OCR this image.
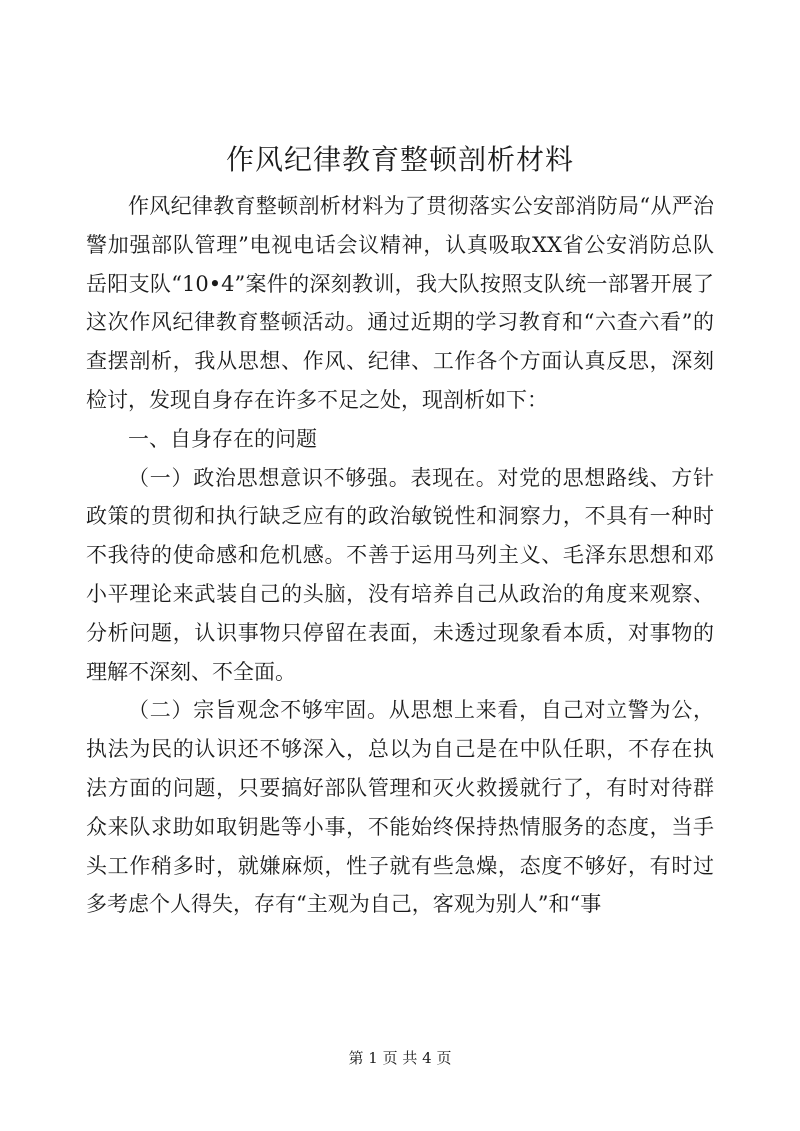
作风纪律教育整顿剖析材料

作风纪律教育整顿剖析材料为了贯彻落实公安部消防局“从严治警加强部队管理”电视电话会议精神，认真吸取XX省公安消防总队岳阳支队“10•4”案件的深刻教训，我大队按照支队统一部署开展了这次作风纪律教育整顿活动。通过近期的学习教育和“六查六看”的查摆剖析，我从思想、作风、纪律、工作各个方面认真反思，深刻检讨，发现自身存在许多不足之处，现剖析如下：

一、自身存在的问题

（一）政治思想意识不够强。表现在。对党的思想路线、方针政策的贯彻和执行缺乏应有的政治敏锐性和洞察力，不具有一种时不我待的使命感和危机感。不善于运用马列主义、毛泽东思想和邓小平理论来武装自己的头脑，没有培养自己从政治的角度来观察、分析问题，认识事物只停留在表面，未透过现象看本质，对事物的理解不深刻、不全面。

（二）宗旨观念不够牢固。从思想上来看，自己对立警为公，执法为民的认识还不够深入，总以为自己是在中队任职，不存在执法方面的问题，只要搞好部队管理和灭火救援就行了，有时对待群众来队求助如取钥匙等小事，不能始终保持热情服务的态度，当手头工作稍多时，就嫌麻烦，性子就有些急燥，态度不够好，有时过多考虑个人得失，存有“主观为自己，客观为别人”和“事

第 1 页 共 4 页
